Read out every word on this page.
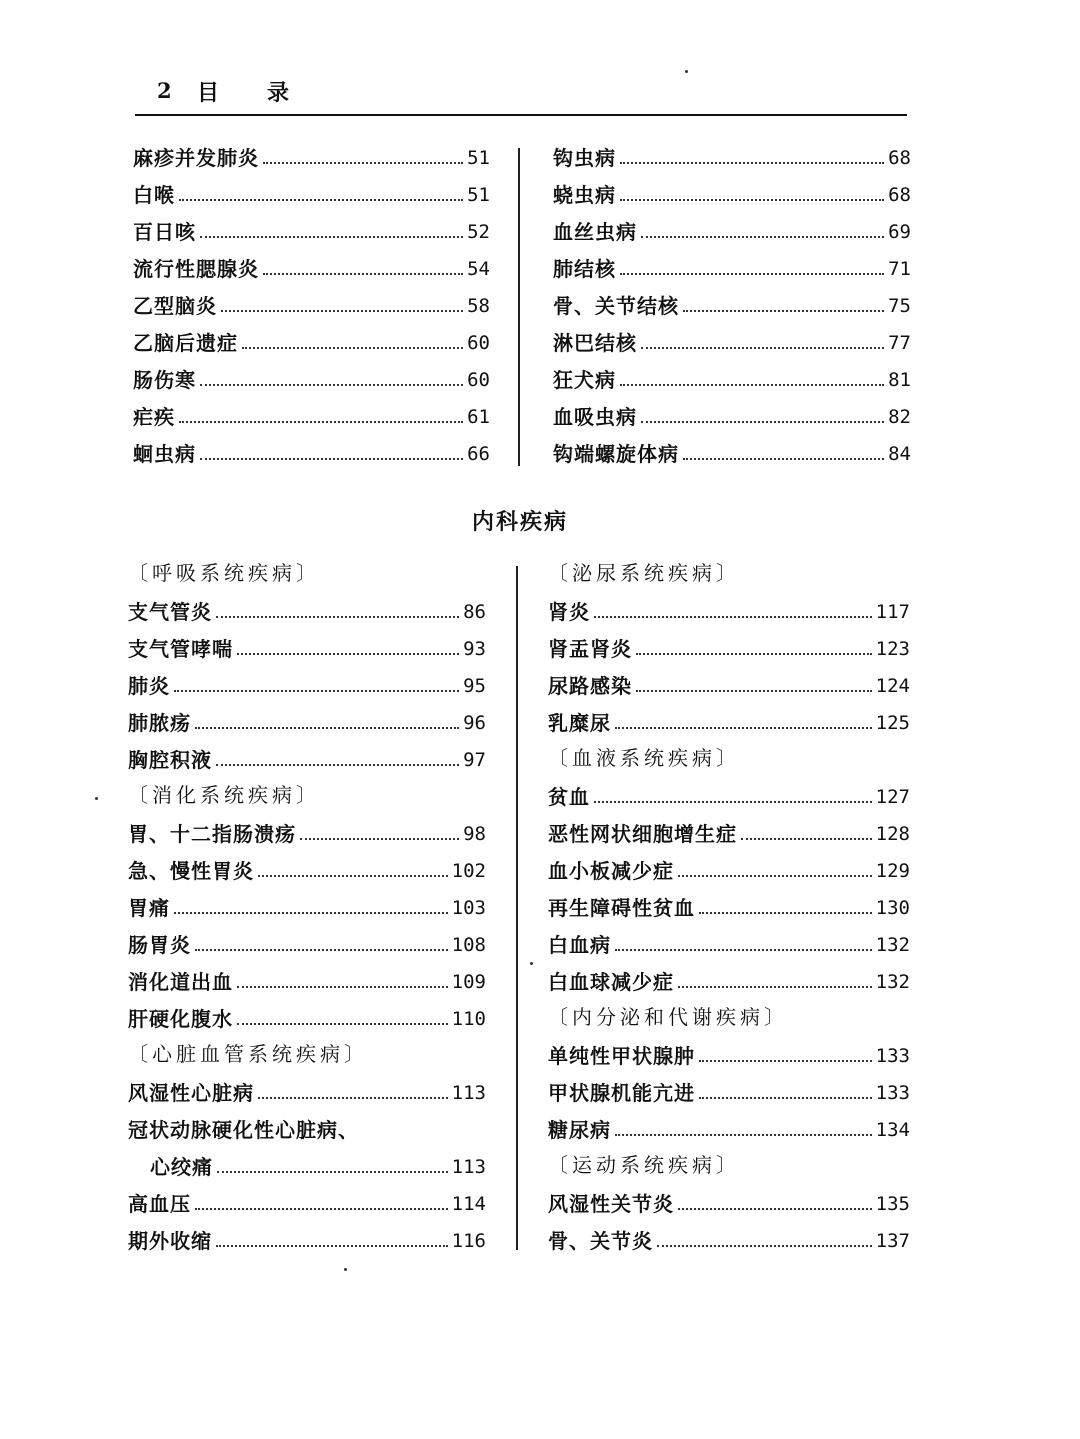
2 目 录
麻疹并发肺炎	51
白喉	51
百日咳	52
流行性腮腺炎	54
乙型脑炎	58
乙脑后遗症	60
肠伤寒	60
疟疾	61
蛔虫病	66
钩虫病	68
蛲虫病	68
血丝虫病	69
肺结核	71
骨、关节结核	75
淋巴结核	77
狂犬病	81
血吸虫病	82
钩端螺旋体病	84
内科疾病
〔呼吸系统疾病〕
支气管炎	86
支气管哮喘	93
肺炎	95
肺脓疡	96
胸腔积液	97
〔消化系统疾病〕
胃、十二指肠溃疡	98
急、慢性胃炎	102
胃痛	103
肠胃炎	108
消化道出血	109
肝硬化腹水	110
〔心脏血管系统疾病〕
风湿性心脏病	113
冠状动脉硬化性心脏病、
心绞痛	113
高血压	114
期外收缩	116
〔泌尿系统疾病〕
肾炎	117
肾盂肾炎	123
尿路感染	124
乳糜尿	125
〔血液系统疾病〕
贫血	127
恶性网状细胞增生症	128
血小板减少症	129
再生障碍性贫血	130
白血病	132
白血球减少症	132
〔内分泌和代谢疾病〕
单纯性甲状腺肿	133
甲状腺机能亢进	133
糖尿病	134
〔运动系统疾病〕
风湿性关节炎	135
骨、关节炎	137
